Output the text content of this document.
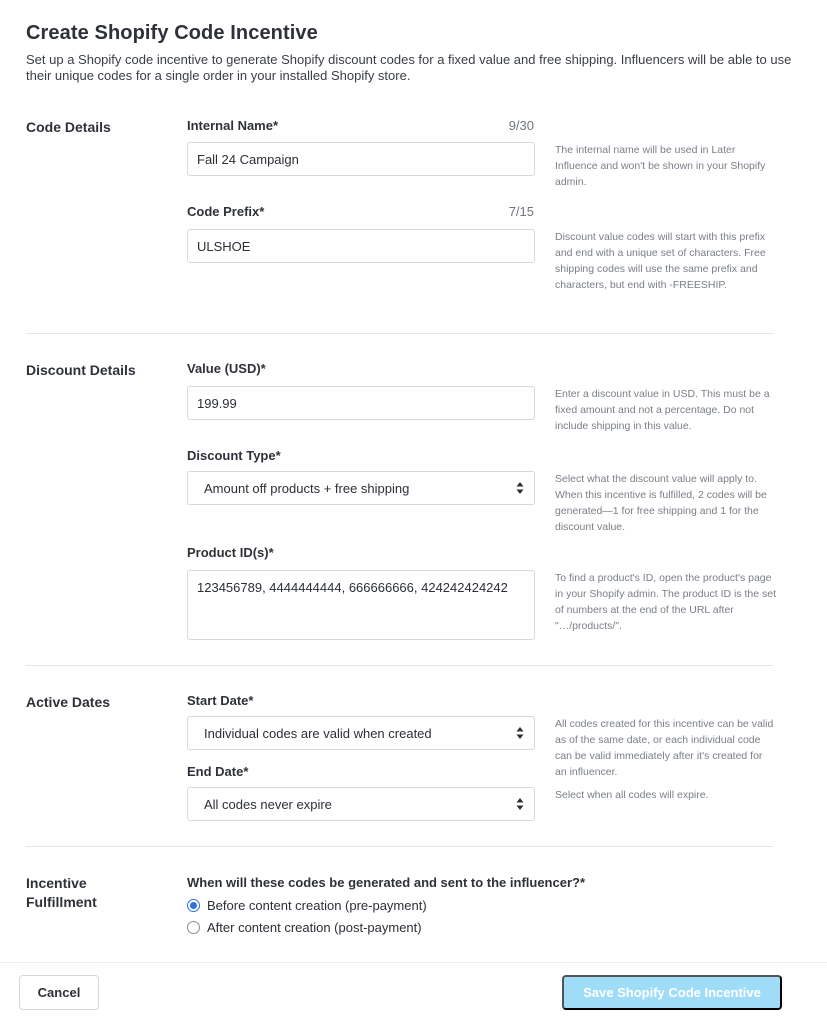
Create Shopify Code Incentive

Set up a Shopify code incentive to generate Shopify discount codes for a fixed value and free shipping. Influencers will be able to use their unique codes for a single order in your installed Shopify store.

Code Details	Internal Name*	9/30
Fall 24 Campaign
The internal name will be used in Later Influence and won't be shown in your Shopify admin.
Code Prefix*	7/15
ULSHOE
Discount value codes will start with this prefix and end with a unique set of characters. Free shipping codes will use the same prefix and characters, but end with -FREESHIP.
Discount Details	Value (USD)*
199.99
Enter a discount value in USD. This must be a fixed amount and not a percentage. Do not include shipping in this value.
Discount Type*
Amount off products + free shipping
Select what the discount value will apply to. When this incentive is fulfilled, 2 codes will be generated—1 for free shipping and 1 for the discount value.
Product ID(s)*
123456789, 4444444444, 666666666, 424242424242
To find a product's ID, open the product's page in your Shopify admin. The product ID is the set of numbers at the end of the URL after "…/products/".
Active Dates	Start Date*
Individual codes are valid when created
All codes created for this incentive can be valid as of the same date, or each individual code can be valid immediately after it's created for an influencer.
End Date*
All codes never expire
Select when all codes will expire.
Incentive Fulfillment
When will these codes be generated and sent to the influencer?*
Before content creation (pre-payment)
After content creation (post-payment)
Cancel	Save Shopify Code Incentive
